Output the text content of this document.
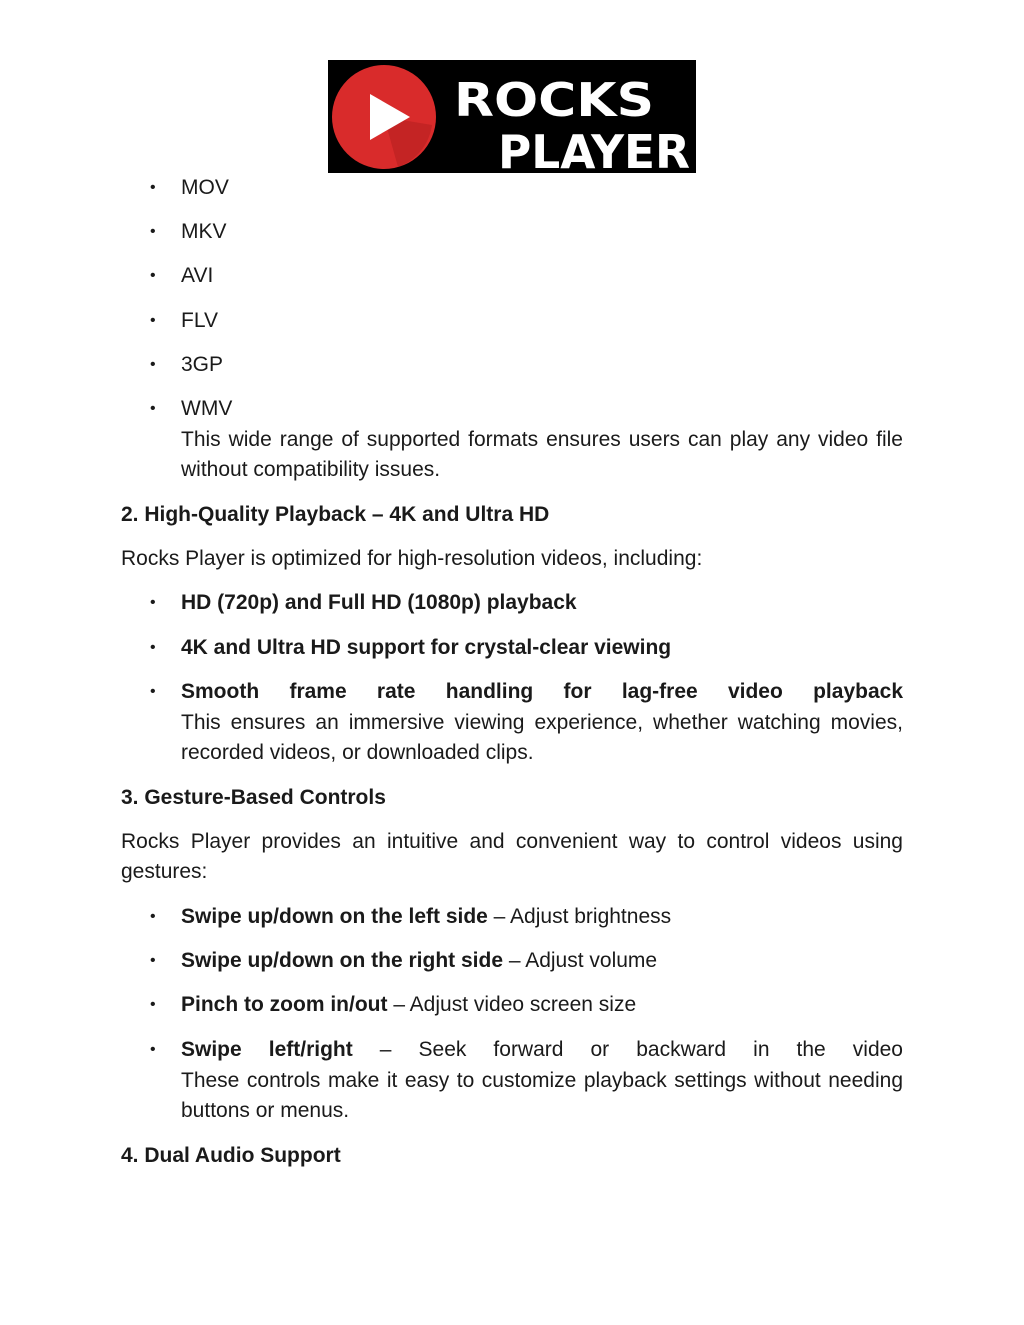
ROCKS
PLAYER
• MOV
• MKV
• AVI
• FLV
• 3GP
• WMV
This wide range of supported formats ensures users can play any video file without compatibility issues.
2. High-Quality Playback – 4K and Ultra HD
Rocks Player is optimized for high-resolution videos, including:
• HD (720p) and Full HD (1080p) playback
• 4K and Ultra HD support for crystal-clear viewing
• Smooth frame rate handling for lag-free video playback
This ensures an immersive viewing experience, whether watching movies, recorded videos, or downloaded clips.
3. Gesture-Based Controls
Rocks Player provides an intuitive and convenient way to control videos using gestures:
• Swipe up/down on the left side – Adjust brightness
• Swipe up/down on the right side – Adjust volume
• Pinch to zoom in/out – Adjust video screen size
• Swipe left/right – Seek forward or backward in the video
These controls make it easy to customize playback settings without needing buttons or menus.
4. Dual Audio Support
